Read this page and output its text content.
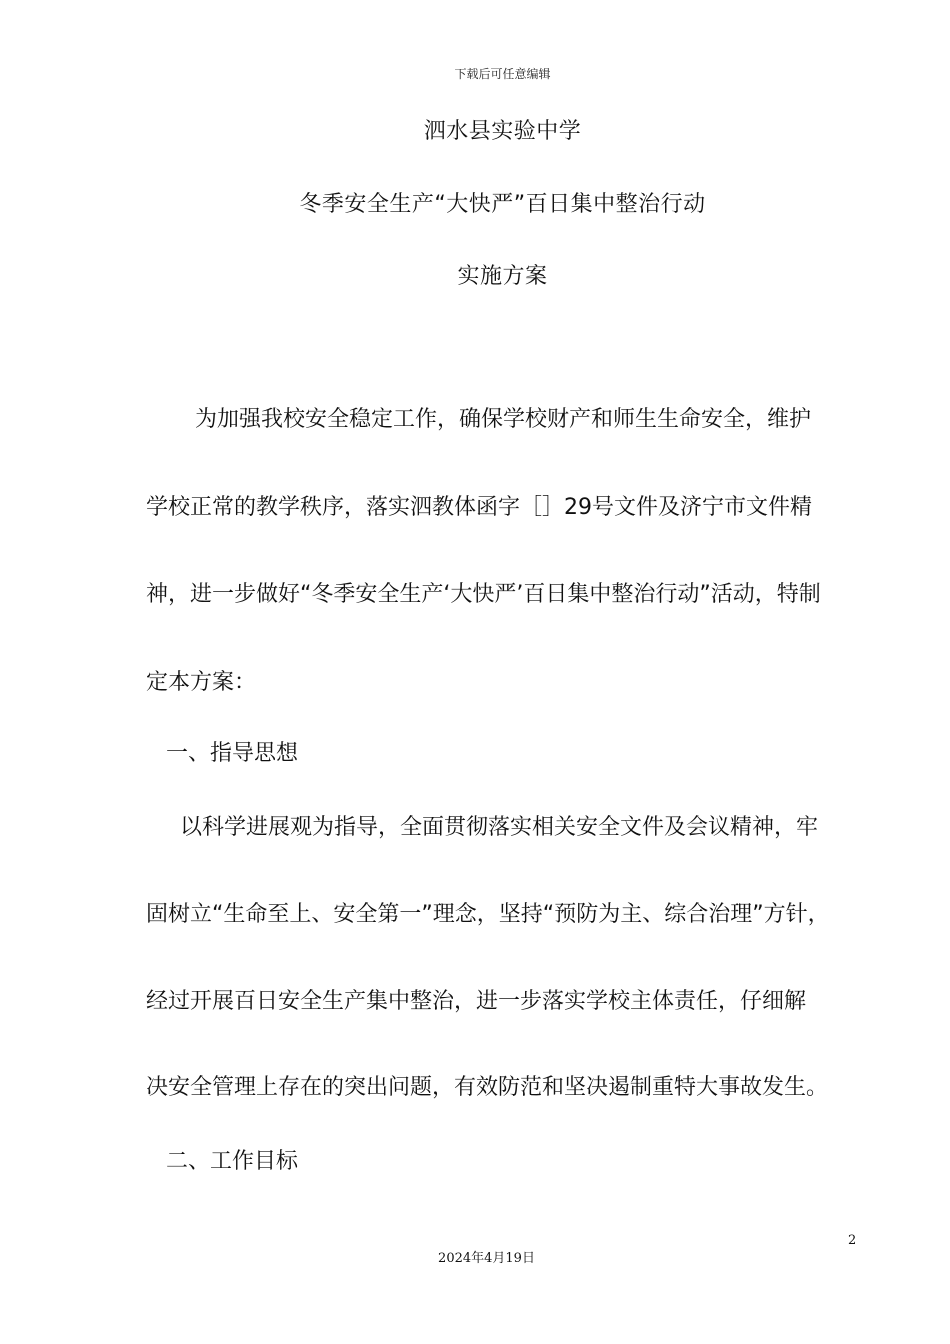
下载后可任意编辑
泗水县实验中学
冬季安全生产“大快严”百日集中整治行动
实施方案
为加强我校安全稳定工作，确保学校财产和师生生命安全，维护
学校正常的教学秩序，落实泗教体函字［］29号文件及济宁市文件精
神，进一步做好“冬季安全生产‘大快严’百日集中整治行动”活动，特制
定本方案：
一、指导思想
以科学进展观为指导，全面贯彻落实相关安全文件及会议精神，牢
固树立“生命至上、安全第一”理念，坚持“预防为主、综合治理”方针，
经过开展百日安全生产集中整治，进一步落实学校主体责任，仔细解
决安全管理上存在的突出问题，有效防范和坚决遏制重特大事故发生。
二、工作目标
2
2024年4月19日
